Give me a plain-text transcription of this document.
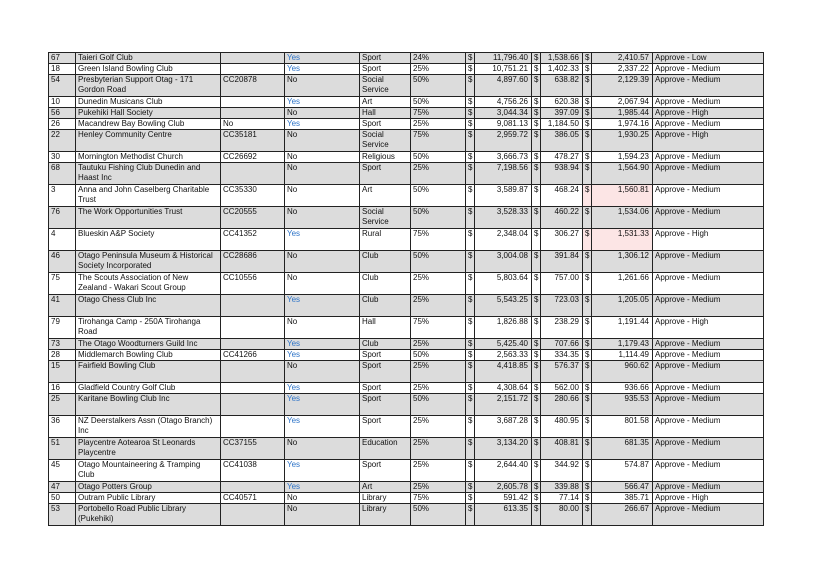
67	Taieri Golf Club		Yes	Sport	24%	$	11,796.40	$	1,538.66	$	2,410.57	Approve - Low
18	Green Island Bowling Club		Yes	Sport	25%	$	10,751.21	$	1,402.33	$	2,337.22	Approve - Medium
54	Presbyterian Support Otag - 171 Gordon Road	CC20878	No	Social Service	50%	$	4,897.60	$	638.82	$	2,129.39	Approve - Medium
10	Dunedin Musicans Club		Yes	Art	50%	$	4,756.26	$	620.38	$	2,067.94	Approve - Medium
56	Pukehiki Hall Society		No	Hall	75%	$	3,044.34	$	397.09	$	1,985.44	Approve - High
26	Macandrew Bay Bowling Club	No	Yes	Sport	25%	$	9,081.13	$	1,184.50	$	1,974.16	Approve - Medium
22	Henley Community Centre	CC35181	No	Social Service	75%	$	2,959.72	$	386.05	$	1,930.25	Approve - High
30	Mornington Methodist Church	CC26692	No	Religious	50%	$	3,666.73	$	478.27	$	1,594.23	Approve - Medium
68	Tautuku Fishing Club Dunedin and Haast Inc		No	Sport	25%	$	7,198.56	$	938.94	$	1,564.90	Approve - Medium
3	Anna and John Caselberg Charitable Trust	CC35330	No	Art	50%	$	3,589.87	$	468.24	$	1,560.81	Approve - Medium
76	The Work Opportunities Trust	CC20555	No	Social Service	50%	$	3,528.33	$	460.22	$	1,534.06	Approve - Medium
4	Blueskin A&P Society	CC41352	Yes	Rural	75%	$	2,348.04	$	306.27	$	1,531.33	Approve - High
46	Otago Peninsula Museum & Historical Society Incorporated	CC28686	No	Club	50%	$	3,004.08	$	391.84	$	1,306.12	Approve - Medium
75	The Scouts Association of New Zealand - Wakari Scout Group	CC10556	No	Club	25%	$	5,803.64	$	757.00	$	1,261.66	Approve - Medium
41	Otago Chess Club Inc		Yes	Club	25%	$	5,543.25	$	723.03	$	1,205.05	Approve - Medium
79	Tirohanga Camp - 250A Tirohanga Road		No	Hall	75%	$	1,826.88	$	238.29	$	1,191.44	Approve - High
73	The Otago Woodturners Guild Inc		Yes	Club	25%	$	5,425.40	$	707.66	$	1,179.43	Approve - Medium
28	Middlemarch Bowling Club	CC41266	Yes	Sport	50%	$	2,563.33	$	334.35	$	1,114.49	Approve - Medium
15	Fairfield Bowling Club		No	Sport	25%	$	4,418.85	$	576.37	$	960.62	Approve - Medium
16	Gladfield Country Golf Club		Yes	Sport	25%	$	4,308.64	$	562.00	$	936.66	Approve - Medium
25	Karitane Bowling Club Inc		Yes	Sport	50%	$	2,151.72	$	280.66	$	935.53	Approve - Medium
36	NZ Deerstalkers Assn (Otago Branch) Inc		Yes	Sport	25%	$	3,687.28	$	480.95	$	801.58	Approve - Medium
51	Playcentre Aotearoa St Leonards Playcentre	CC37155	No	Education	25%	$	3,134.20	$	408.81	$	681.35	Approve - Medium
45	Otago Mountaineering & Tramping Club	CC41038	Yes	Sport	25%	$	2,644.40	$	344.92	$	574.87	Approve - Medium
47	Otago Potters Group		Yes	Art	25%	$	2,605.78	$	339.88	$	566.47	Approve - Medium
50	Outram Public Library	CC40571	No	Library	75%	$	591.42	$	77.14	$	385.71	Approve - High
53	Portobello Road Public Library (Pukehiki)		No	Library	50%	$	613.35	$	80.00	$	266.67	Approve - Medium
